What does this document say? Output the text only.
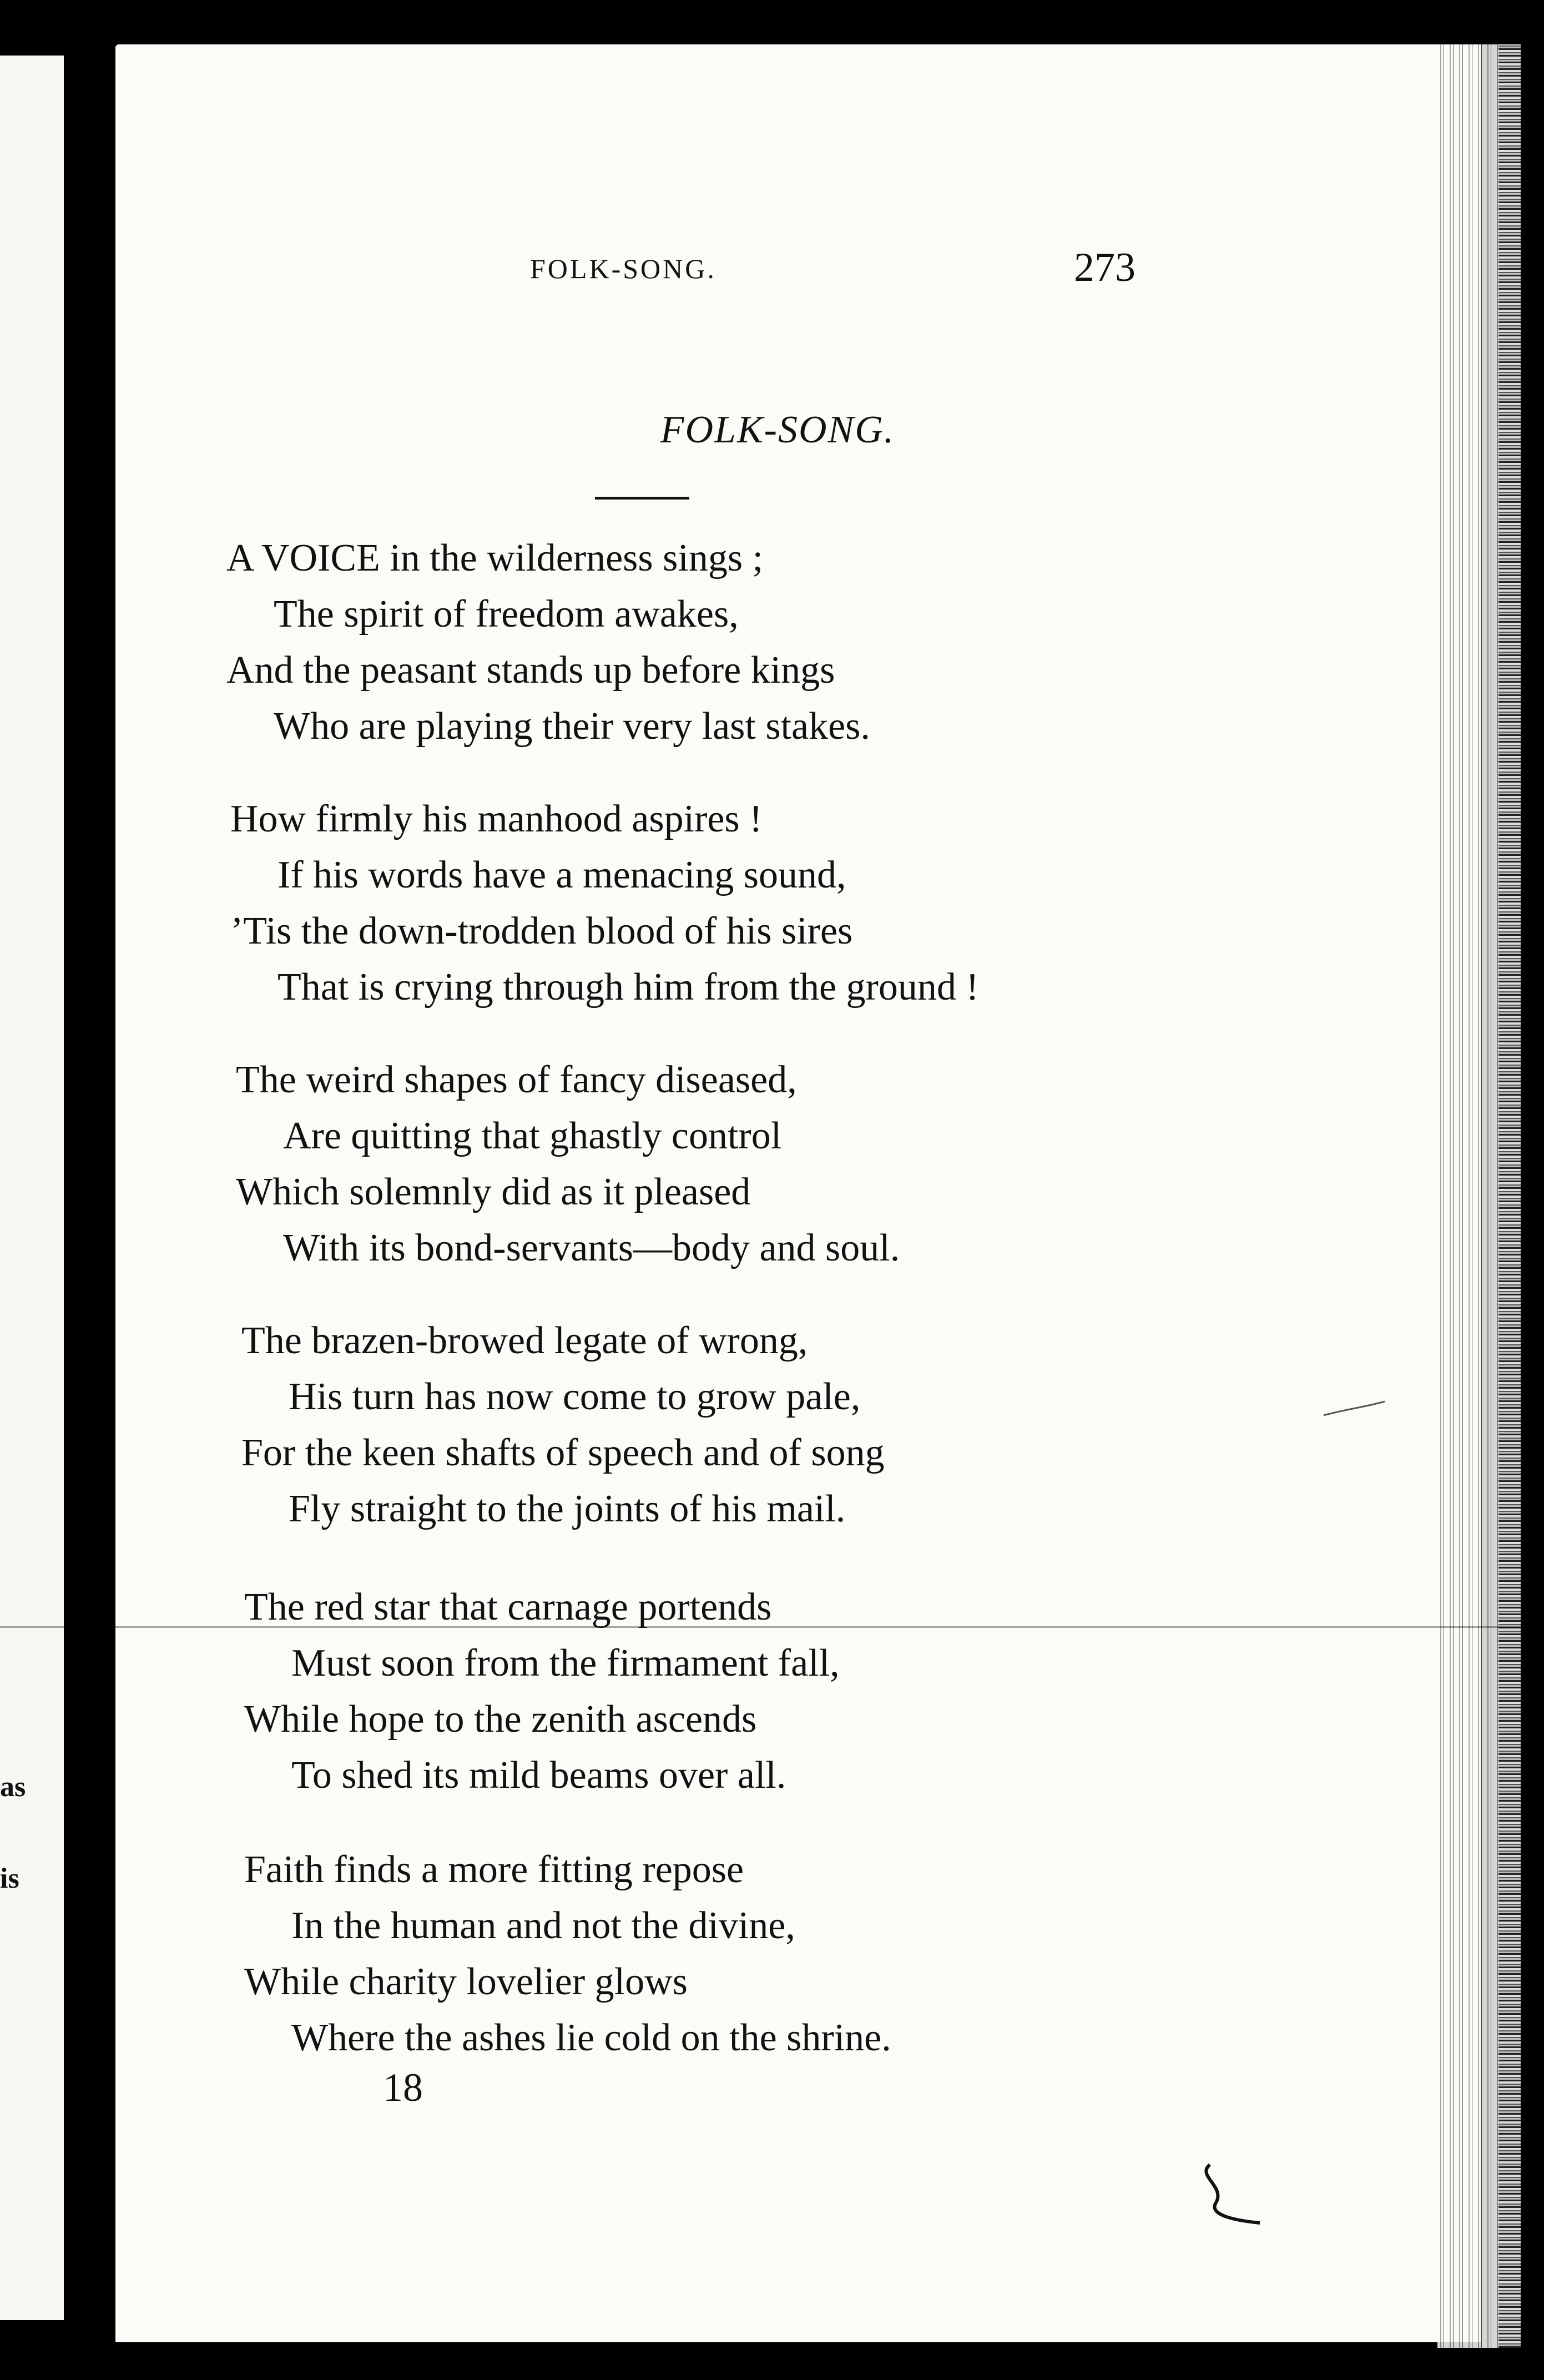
as
is
FOLK-SONG.	273
FOLK-SONG.
A VOICE in the wilderness sings ;
The spirit of freedom awakes,
And the peasant stands up before kings
Who are playing their very last stakes.
How firmly his manhood aspires !
If his words have a menacing sound,
’Tis the down-trodden blood of his sires
That is crying through him from the ground !
The weird shapes of fancy diseased,
Are quitting that ghastly control
Which solemnly did as it pleased
With its bond-servants—body and soul.
The brazen-browed legate of wrong,
His turn has now come to grow pale,
For the keen shafts of speech and of song
Fly straight to the joints of his mail.
The red star that carnage portends
Must soon from the firmament fall,
While hope to the zenith ascends
To shed its mild beams over all.
Faith finds a more fitting repose
In the human and not the divine,
While charity lovelier glows
Where the ashes lie cold on the shrine.
18
